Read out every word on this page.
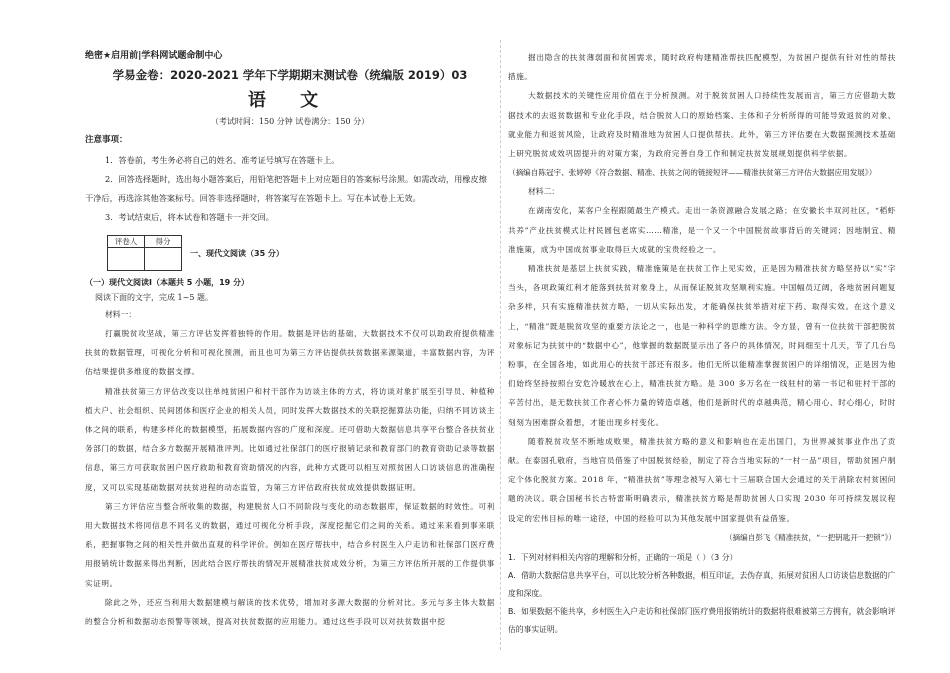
绝密★启用前|学科网试题命制中心

学易金卷：2020-2021 学年下学期期末测试卷（统编版 2019）03

语 文

（考试时间：150 分钟 试卷满分：150 分）

注意事项：

1．答卷前，考生务必将自己的姓名、准考证号填写在答题卡上。

2．回答选择题时，选出每小题答案后，用铅笔把答题卡上对应题目的答案标号涂黑。如需改动，用橡皮擦干净后，再选涂其他答案标号。回答非选择题时，将答案写在答题卡上。写在本试卷上无效。

3．考试结束后，将本试卷和答题卡一并交回。

评卷人	得分

一、现代文阅读（35 分）

（一）现代文阅读Ⅰ（本题共 5 小题，19 分）

阅读下面的文字，完成 1~5 题。

材料一：

打赢脱贫攻坚战，第三方评估发挥着独特的作用。数据是评估的基础，大数据技术不仅可以助政府提供精准扶贫的数据管理，可视化分析和可视化预测，而且也可为第三方评估提供扶贫数据来源渠道，丰富数据内容，为评估结果提供多维度的数据支撑。

精准扶贫第三方评估改变以往单纯贫困户和村干部作为访谈主体的方式，将访谈对象扩展至引导员、种植种植大户、社会组织、民间团体和医疗企业的相关人员，同时发挥大数据技术的关联挖掘算法功能，归纳不同访谈主体之间的联系，构建多样化的数据模型，拓展数据内容的广度和深度。还可借助大数据信息共享平台整合各扶贫业务部门的数据，结合多方数据开展精准评判。比如通过社保部门的医疗报销记录和教育部门的教育资助记录等数据信息，第三方可获取贫困户医疗救助和教育资助情况的内容，此种方式既可以相互对照贫困人口访谈信息的准确程度，又可以实现基础数据对扶贫进程的动态监管，为第三方评估政府扶贫成效提供数据证明。

第三方评估应当整合所收集的数据，构建脱贫人口不同阶段与变化的动态数据库，保证数据的时效性。可利用大数据技术将同信息不同名义的数据，通过可视化分析手段，深度挖掘它们之间的关系。通过来来看到事来联系，把握事物之间的相关性并做出直观的科学评价。例如在医疗帮扶中，结合乡村医生入户走访和社保部门医疗费用报销统计数据来得出判断，因此结合医疗帮扶的情况开展精准扶贫成效分析，为第三方评估所开展的工作提供事实证明。

除此之外，还应当利用大数据建模与解读的技术优势，增加对多源大数据的分析对比。多元与多主体大数据的整合分析和数据动态预警等领域，提高对扶贫数据的应用能力。通过这些手段可以对扶贫数据中挖

掘出隐含的扶贫薄弱面和贫困需求，随时政府构建精准帮扶匹配模型，为贫困户提供有针对性的帮扶措施。

大数据技术的关键性应用价值在于分析预测。对于脱贫贫困人口持续性发展而言，第三方应借助大数据技术的去返贫数据和专业化手段，结合脱贫人口的原始档案、主体和子分析所得的可能导致返贫的对象、就业能力和返贫风险，让政府及时精准地为贫困人口提供帮扶。此外，第三方评估要在大数据预测技术基础上研究脱贫成效巩固提升的对策方案，为政府完善自身工作和制定扶贫发展规划提供科学依据。

（摘编自陈冠宇、张婷婷《符合数据、精准、扶贫之间的链接短评——精准扶贫第三方评估大数据应用发展》）

材料二：

在湖南安化，某客户全程跟随最生产模式。走出一条资源融合发展之路；在安徽长丰双河社区，“稻虾共养”产业扶贫模式让村民圆包老席实……精准，是一个又一个中国脱贫故事背后的关键词；因地制宜、精准施策，成为中国成贫事业取得巨大成就的宝贵经验之一。

精准扶贫是基层上扶贫实践，精准施策是在扶贫工作上见实效，正是因为精准扶贫方略坚持以“实”字当头，各项政策红利才能落到扶贫对象身上，从而保证脱贫攻坚顺利实施。中国幅员辽阔，各地贫困问题复杂多样，只有实施精准扶贫方略，一切从实际出发，才能确保扶贫举措对症下药、取得实效。在这个意义上，“精准”既是脱贫攻坚的重要方法论之一，也是一种科学的思维方法。令方显，曾有一位扶贫干部把脱贫对象标记为扶贫中的“数据中心”，他掌握的数据既显示出了各户的具体情况，时间细至十几天，节了几台鸟粉事，在全国各地，如此用心的扶贫干部还有很多。他们无所以能精准掌握贫困户的详细情况，正是因为他们始终坚持按照台安危冷暖放在心上，精准扶贫方略。是 300 多万名在一线驻村的第一书记和驻村干部的辛苦付出，是无数扶贫工作者心怀力量的铸造卓越，他们是新时代的卓越典范，精心用心、时心细心，时时刻刻为困难群众着想，才能出现乡村变化。

随着脱贫攻坚不断地成败果，精准扶贫方略的意义和影响也在走出国门，为世界减贫事业作出了贡献。在泰国孔敬府，当地官员借鉴了中国脱贫经验，制定了符合当地实际的“一村一品”项目，帮助贫困户制定个体化脱贫方案。2018 年，“精准扶贫”等理念被写入第七十三届联合国大会通过的关于消除农村贫困问题的决议。联合国秘书长古特雷斯明确表示，精准扶贫方略是帮助贫困人口实现 2030 年可持续发展议程设定的宏伟目标的唯一途径，中国的经验可以为其他发展中国家提供有益借鉴。

（摘编自彭飞《精准扶贫，“一把钥匙开一把锁”》）

1．下列对材料相关内容的理解和分析，正确的一项是（ ）（3 分）

A．借助大数据信息共享平台，可以比较分析各种数据，相互印证，去伪存真，拓展对贫困人口访谈信息数据的广度和深度。

B．如果数据不能共享，乡村医生入户走访和社保部门医疗费用报销统计的数据将很难被第三方拥有，就会影响评估的事实证明。
